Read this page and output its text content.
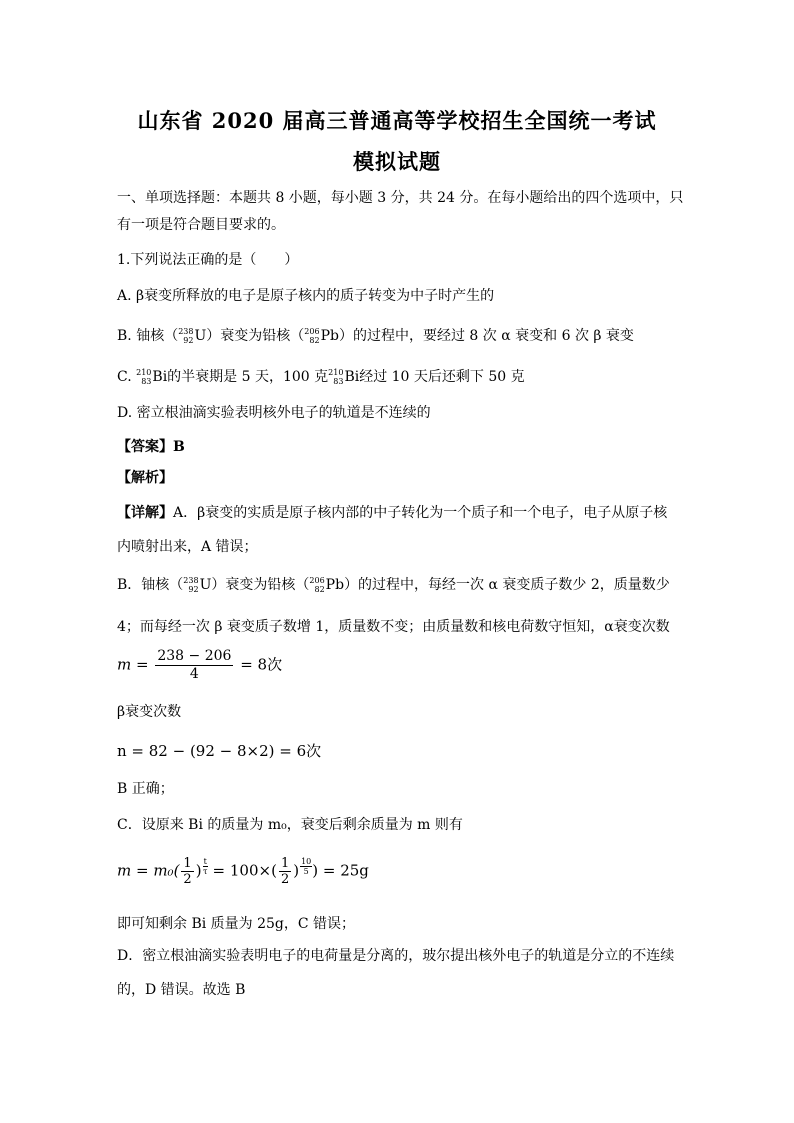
山东省 2020 届高三普通高等学校招生全国统一考试
模拟试题
一、单项选择题：本题共 8 小题，每小题 3 分，共 24 分。在每小题给出的四个选项中，只
有一项是符合题目要求的。
1.下列说法正确的是（　　）
A. β衰变所释放的电子是原子核内的质子转变为中子时产生的
B. 铀核（ 238
92 U）衰变为铅核（ 206
82 Pb）的过程中，要经过 8 次 α 衰变和 6 次 β 衰变
C. 210
83 Bi的半衰期是 5 天，100 克 210
83 Bi经过 10 天后还剩下 50 克
D. 密立根油滴实验表明核外电子的轨道是不连续的
【答案】B
【解析】
【详解】A．β衰变的实质是原子核内部的中子转化为一个质子和一个电子，电子从原子核
内喷射出来，A 错误；
B．铀核（ 238
92 U）衰变为铅核（ 206
82 Pb）的过程中，每经一次 α 衰变质子数少 2，质量数少
4；而每经一次 β 衰变质子数增 1，质量数不变；由质量数和核电荷数守恒知，α衰变次数
$m = \frac{238 - 206}{4} = 8$次
β衰变次数
n = 82 − (92 − 8×2) = 6次
B 正确；
C．设原来 Bi 的质量为 m₀，衰变后剩余质量为 m 则有
$m = m_0( \frac{1}{2}$ ) $\frac{t}{\tau} = 100\times( \frac{1}{2}$ ) $\frac{10}{5}$ ) = 25g
即可知剩余 Bi 质量为 25g，C 错误；
D．密立根油滴实验表明电子的电荷量是分离的，玻尔提出核外电子的轨道是分立的不连续
的，D 错误。故选 B
